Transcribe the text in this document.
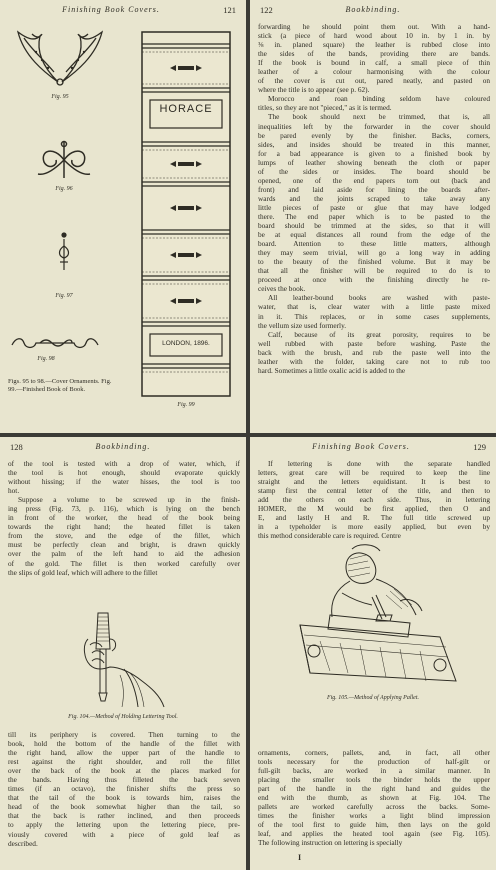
Finishing Book Covers.	121
Fig. 95
Fig. 96
Fig. 97
Fig. 98
Figs. 95 to 98.—Cover Ornaments. Fig. 99.—Finished Book of Book.
HORACE
LONDON, 1896.
Fig. 99
122	Bookbinding.

forwarding he should point them out. With a hand-

stick (a piece of hard wood about 10 in. by 1 in. by

⅜ in. planed square) the leather is rubbed close into

the sides of the bands, providing there are bands.

If the book is bound in calf, a small piece of thin

leather of a colour harmonising with the colour

of the cover is cut out, pared neatly, and pasted on

where the title is to appear (see p. 62).

Morocco and roan binding seldom have coloured

titles, so they are not "pieced," as it is termed.

The book should next be trimmed, that is, all

inequalities left by the forwarder in the cover should

be pared evenly by the finisher. Backs, corners,

sides, and insides should be treated in this manner,

for a bad appearance is given to a finished book by

lumps of leather showing beneath the cloth or paper

of the sides or insides. The board should be

opened, one of the end papers torn out (back and

front) and laid aside for lining the boards after-

wards and the joints scraped to take away any

little pieces of paste or glue that may have lodged

there. The end paper which is to be pasted to the

board should be trimmed at the sides, so that it will

be at equal distances all round from the edge of the

board. Attention to these little matters, although

they may seem trivial, will go a long way in adding

to the beauty of the finished volume. But it may be

that all the finisher will be required to do is to

proceed at once with the finishing directly he re-

ceives the book.

All leather-bound books are washed with paste-

water, that is, clear water with a little paste mixed

in it. This replaces, or in some cases supplements,

the vellum size used formerly.

Calf, because of its great porosity, requires to be

well rubbed with paste before washing. Paste the

back with the brush, and rub the paste well into the

leather with the folder, taking care not to rub too

hard. Sometimes a little oxalic acid is added to the

128	Bookbinding.

of the tool is tested with a drop of water, which, if

the tool is hot enough, should evaporate quickly

without hissing; if the water hisses, the tool is too

hot.

Suppose a volume to be screwed up in the finish-

ing press (Fig. 73, p. 116), which is lying on the bench

in front of the worker, the head of the book being

towards the right hand; the heated fillet is taken

from the stove, and the edge of the fillet, which

must be perfectly clean and bright, is drawn quickly

over the palm of the left hand to aid the adhesion

of the gold. The fillet is then worked carefully over

the slips of gold leaf, which will adhere to the fillet

Fig. 104.—Method of Holding Lettering Tool.

till its periphery is covered. Then turning to the

book, hold the bottom of the handle of the fillet with

the right hand, allow the upper part of the handle to

rest against the right shoulder, and roll the fillet

over the back of the book at the places marked for

the bands. Having thus filleted the back seven

times (if an octavo), the finisher shifts the press so

that the tail of the book is towards him, raises the

head of the book somewhat higher than the tail, so

that the back is rather inclined, and then proceeds

to apply the lettering upon the lettering piece, pre-

viously covered with a piece of gold leaf as

described.

Finishing Book Covers.	129

If lettering is done with the separate handled

letters, great care will be required to keep the line

straight and the letters equidistant. It is best to

stamp first the central letter of the title, and then to

add the others on each side. Thus, in lettering

HOMER, the M would be first applied, then O and

E, and lastly H and R. The full title screwed up

in a typeholder is more easily applied, but even by

this method considerable care is required. Centre

Fig. 105.—Method of Applying Pallet.

ornaments, corners, pallets, and, in fact, all other

tools necessary for the production of half-gilt or

full-gilt backs, are worked in a similar manner. In

placing the smaller tools the binder holds the upper

part of the handle in the right hand and guides the

end with the thumb, as shown at Fig. 104. The

pallets are worked carefully across the backs. Some-

times the finisher works a light blind impression

of the tool first to guide him, then lays on the gold

leaf, and applies the heated tool again (see Fig. 105).

The following instruction on lettering is specially

I
